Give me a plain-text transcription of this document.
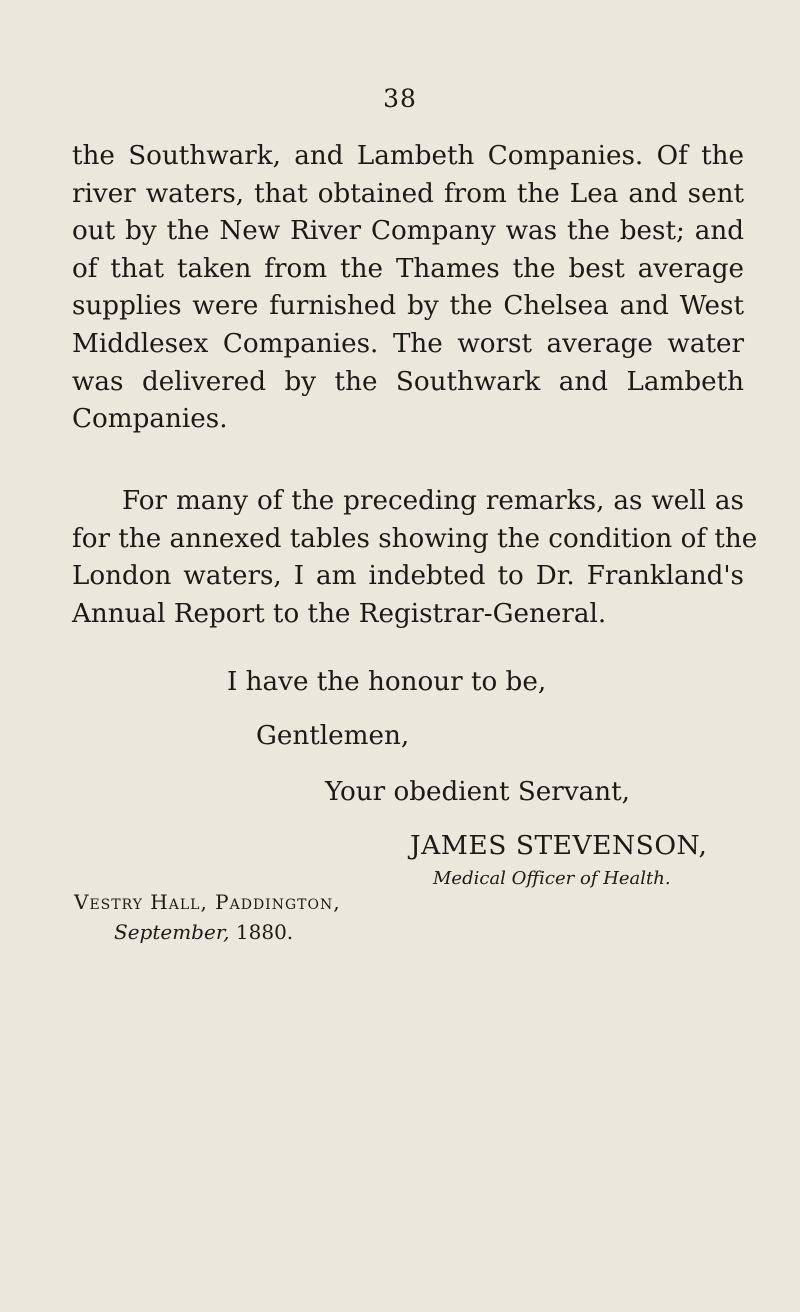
38

the Southwark, and Lambeth Companies. Of the
river waters, that obtained from the Lea and sent
out by the New River Company was the best; and
of that taken from the Thames the best average
supplies were furnished by the Chelsea and West
Middlesex Companies. The worst average water
was delivered by the Southwark and Lambeth
Companies.

For many of the preceding remarks, as well as
for the annexed tables showing the condition of the
London waters, I am indebted to Dr. Frankland's
Annual Report to the Registrar-General.

I have the honour to be,

Gentlemen,

Your obedient Servant,

JAMES STEVENSON,

Medical Officer of Health.

Vestry Hall, Paddington,

September, 1880.
